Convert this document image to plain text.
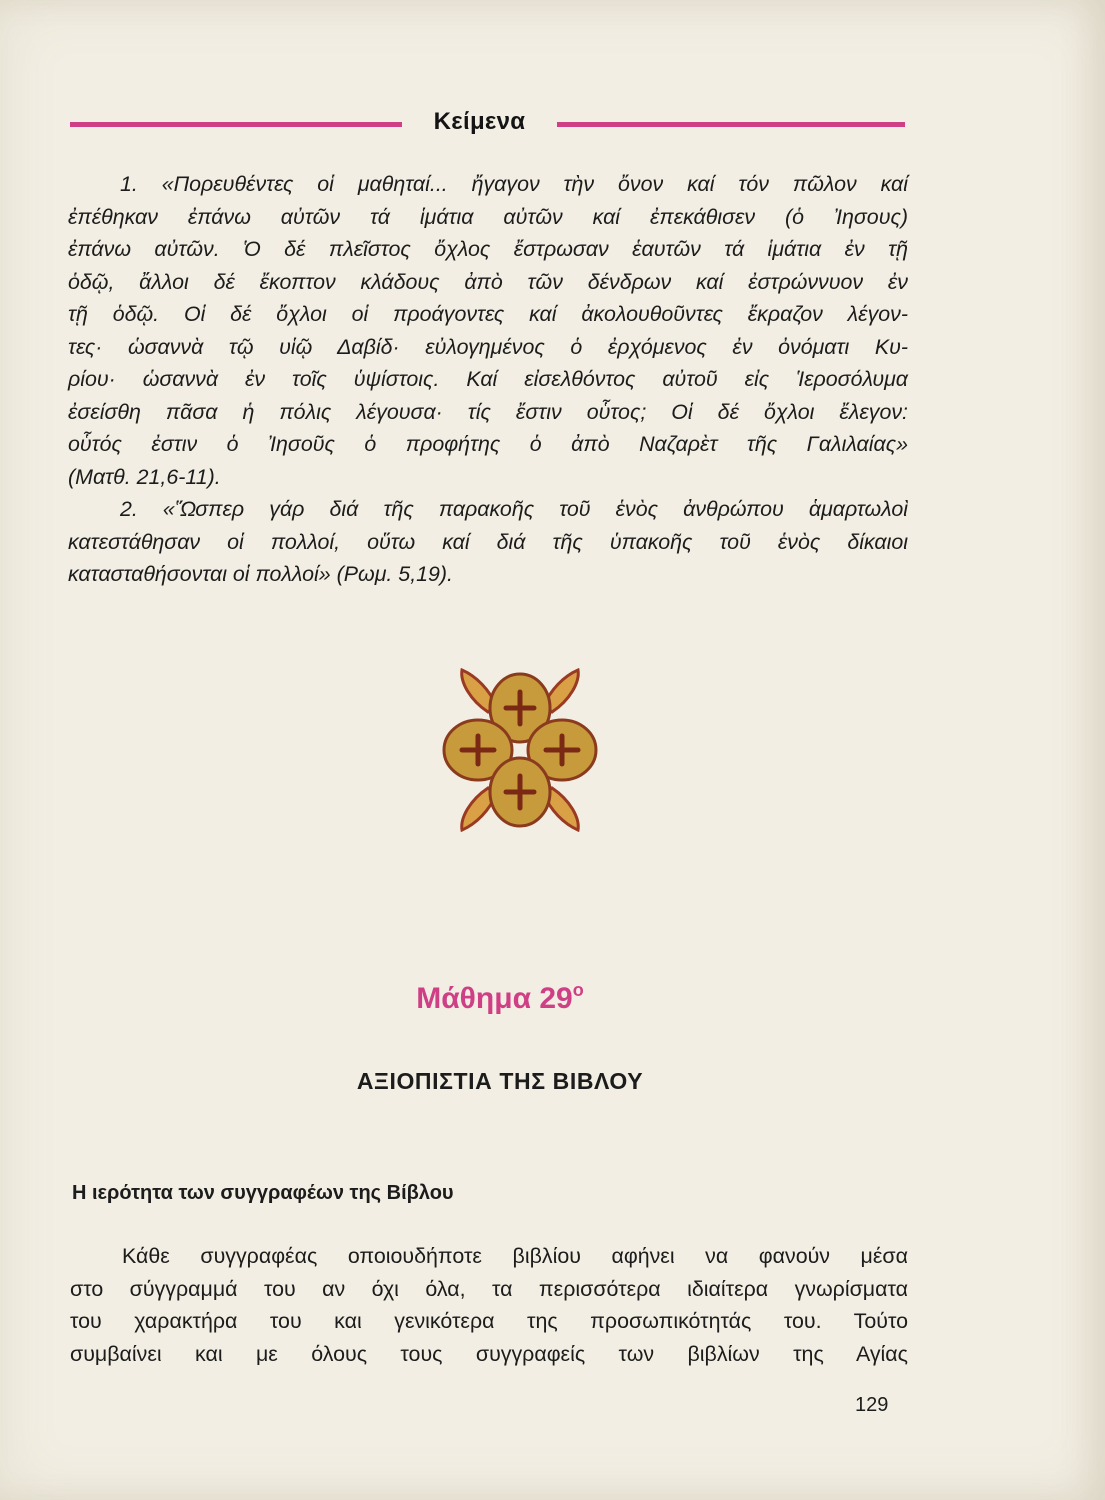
Κείμενα
1. «Πορευθέντες οἱ μαθηταί... ἤγαγον τὴν ὄνον καί τόν πῶλον καί
ἐπέθηκαν ἐπάνω αὐτῶν τά ἱμάτια αὐτῶν καί ἐπεκάθισεν (ὁ Ἰησους)
ἐπάνω αὐτῶν. Ὁ δέ πλεῖστος ὄχλος ἔστρωσαν ἑαυτῶν τά ἱμάτια ἐν τῇ
ὁδῷ, ἄλλοι δέ ἔκοπτον κλάδους ἀπὸ τῶν δένδρων καί ἐστρώννυον ἐν
τῇ ὁδῷ. Οἱ δέ ὄχλοι οἱ προάγοντες καί ἀκολουθοῦντες ἔκραζον λέγον-
τες· ὡσαννὰ τῷ υἱῷ Δαβίδ· εὐλογημένος ὁ ἐρχόμενος ἐν ὀνόματι Κυ-
ρίου· ὡσαννὰ ἐν τοῖς ὑψίστοις. Καί εἰσελθόντος αὐτοῦ εἰς Ἱεροσόλυμα
ἐσείσθη πᾶσα ἡ πόλις λέγουσα· τίς ἔστιν οὗτος; Οἱ δέ ὄχλοι ἔλεγον:
οὗτός ἐστιν ὁ Ἰησοῦς ὁ προφήτης ὁ ἀπὸ Ναζαρὲτ τῆς Γαλιλαίας»
(Ματθ. 21,6-11).
2. «Ὥσπερ γάρ διά τῆς παρακοῆς τοῦ ἑνὸς ἀνθρώπου ἁμαρτωλοὶ
κατεστάθησαν οἱ πολλοί, οὕτω καί διά τῆς ὑπακοῆς τοῦ ἑνὸς δίκαιοι
κατασταθήσονται οἱ πολλοί» (Ρωμ. 5,19).
Μάθημα $29^o$
ΑΞΙΟΠΙΣΤΙΑ ΤΗΣ ΒΙΒΛΟΥ
Η ιερότητα των συγγραφέων της Βίβλου
Κάθε συγγραφέας οποιουδήποτε βιβλίου αφήνει να φανούν μέσα
στο σύγγραμμά του αν όχι όλα, τα περισσότερα ιδιαίτερα γνωρίσματα
του χαρακτήρα του και γενικότερα της προσωπικότητάς του. Τούτο
συμβαίνει και με όλους τους συγγραφείς των βιβλίων της Αγίας
129
